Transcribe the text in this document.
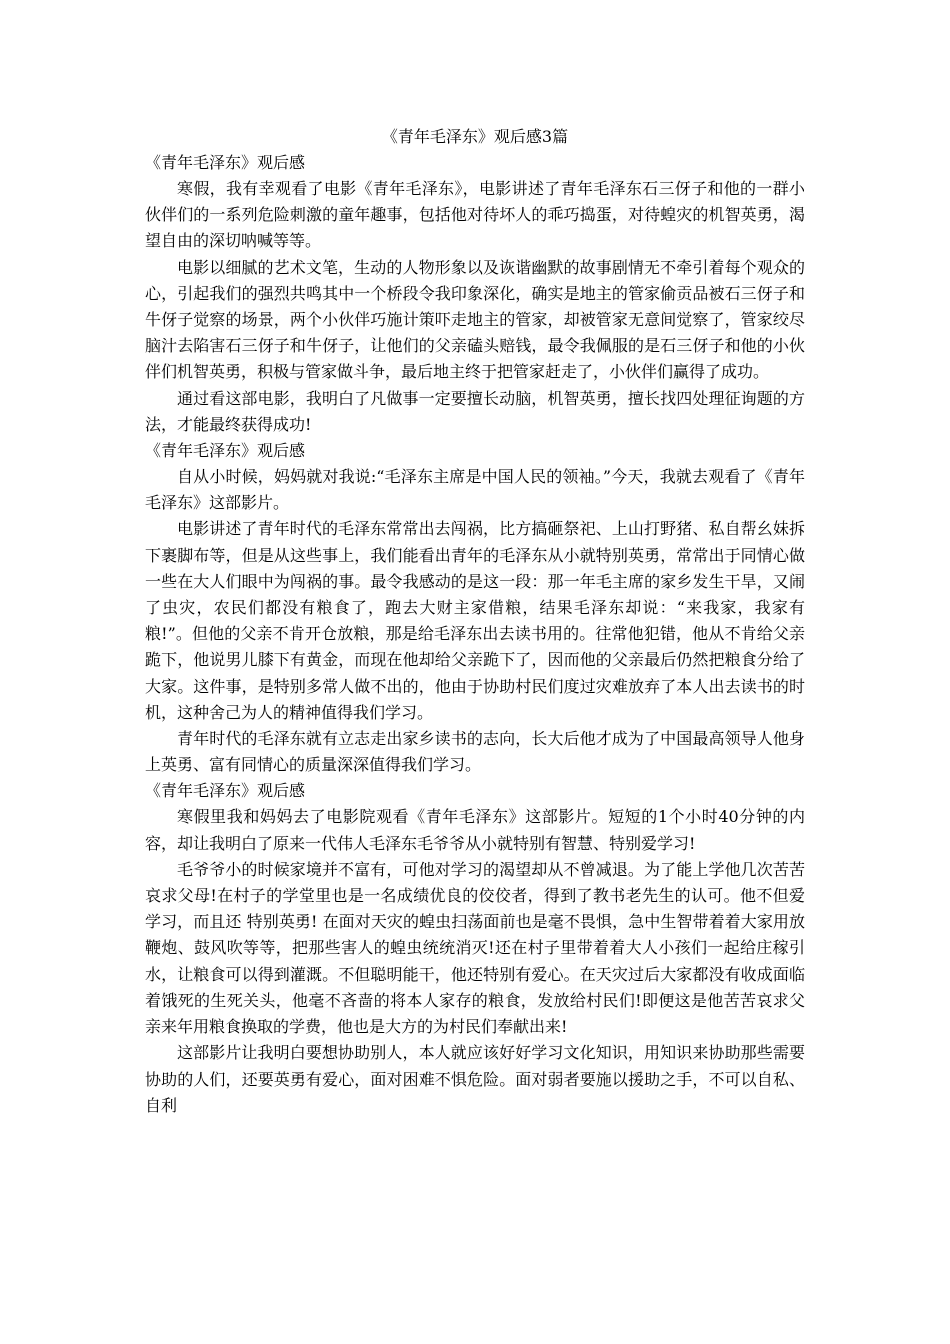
《青年毛泽东》观后感3篇
《青年毛泽东》观后感

寒假，我有幸观看了电影《青年毛泽东》，电影讲述了青年毛泽东石三伢子和他的一群小伙伴们的一系列危险刺激的童年趣事，包括他对待坏人的乖巧捣蛋，对待蝗灾的机智英勇，渴望自由的深切呐喊等等。

电影以细腻的艺术文笔，生动的人物形象以及诙谐幽默的故事剧情无不牵引着每个观众的心，引起我们的强烈共鸣其中一个桥段令我印象深化，确实是地主的管家偷贡品被石三伢子和牛伢子觉察的场景，两个小伙伴巧施计策吓走地主的管家，却被管家无意间觉察了，管家绞尽脑汁去陷害石三伢子和牛伢子，让他们的父亲磕头赔钱，最令我佩服的是石三伢子和他的小伙伴们机智英勇，积极与管家做斗争，最后地主终于把管家赶走了，小伙伴们赢得了成功。

通过看这部电影，我明白了凡做事一定要擅长动脑，机智英勇，擅长找四处理征询题的方法，才能最终获得成功!

《青年毛泽东》观后感

自从小时候，妈妈就对我说:“毛泽东主席是中国人民的领袖。”今天，我就去观看了《青年毛泽东》这部影片。

电影讲述了青年时代的毛泽东常常出去闯祸，比方搞砸祭祀、上山打野猪、私自帮幺妹拆下裹脚布等，但是从这些事上，我们能看出青年的毛泽东从小就特别英勇，常常出于同情心做一些在大人们眼中为闯祸的事。最令我感动的是这一段：那一年毛主席的家乡发生干旱，又闹了虫灾，农民们都没有粮食了，跑去大财主家借粮，结果毛泽东却说：“来我家，我家有粮!”。但他的父亲不肯开仓放粮，那是给毛泽东出去读书用的。往常他犯错，他从不肯给父亲跪下，他说男儿膝下有黄金，而现在他却给父亲跪下了，因而他的父亲最后仍然把粮食分给了大家。这件事，是特别多常人做不出的，他由于协助村民们度过灾难放弃了本人出去读书的时机，这种舍己为人的精神值得我们学习。

青年时代的毛泽东就有立志走出家乡读书的志向，长大后他才成为了中国最高领导人他身上英勇、富有同情心的质量深深值得我们学习。

《青年毛泽东》观后感

寒假里我和妈妈去了电影院观看《青年毛泽东》这部影片。短短的1个小时40分钟的内容，却让我明白了原来一代伟人毛泽东毛爷爷从小就特别有智慧、特别爱学习!

毛爷爷小的时候家境并不富有，可他对学习的渴望却从不曾减退。为了能上学他几次苦苦哀求父母!在村子的学堂里也是一名成绩优良的佼佼者，得到了教书老先生的认可。他不但爱学习，而且还 特别英勇! 在面对天灾的蝗虫扫荡面前也是毫不畏惧，急中生智带着着大家用放鞭炮、鼓风吹等等，把那些害人的蝗虫统统消灭!还在村子里带着着大人小孩们一起给庄稼引水，让粮食可以得到灌溉。不但聪明能干，他还特别有爱心。在天灾过后大家都没有收成面临着饿死的生死关头，他毫不吝啬的将本人家存的粮食，发放给村民们!即便这是他苦苦哀求父亲来年用粮食换取的学费，他也是大方的为村民们奉献出来!

这部影片让我明白要想协助别人，本人就应该好好学习文化知识，用知识来协助那些需要协助的人们，还要英勇有爱心，面对困难不惧危险。面对弱者要施以援助之手，不可以自私、自利
